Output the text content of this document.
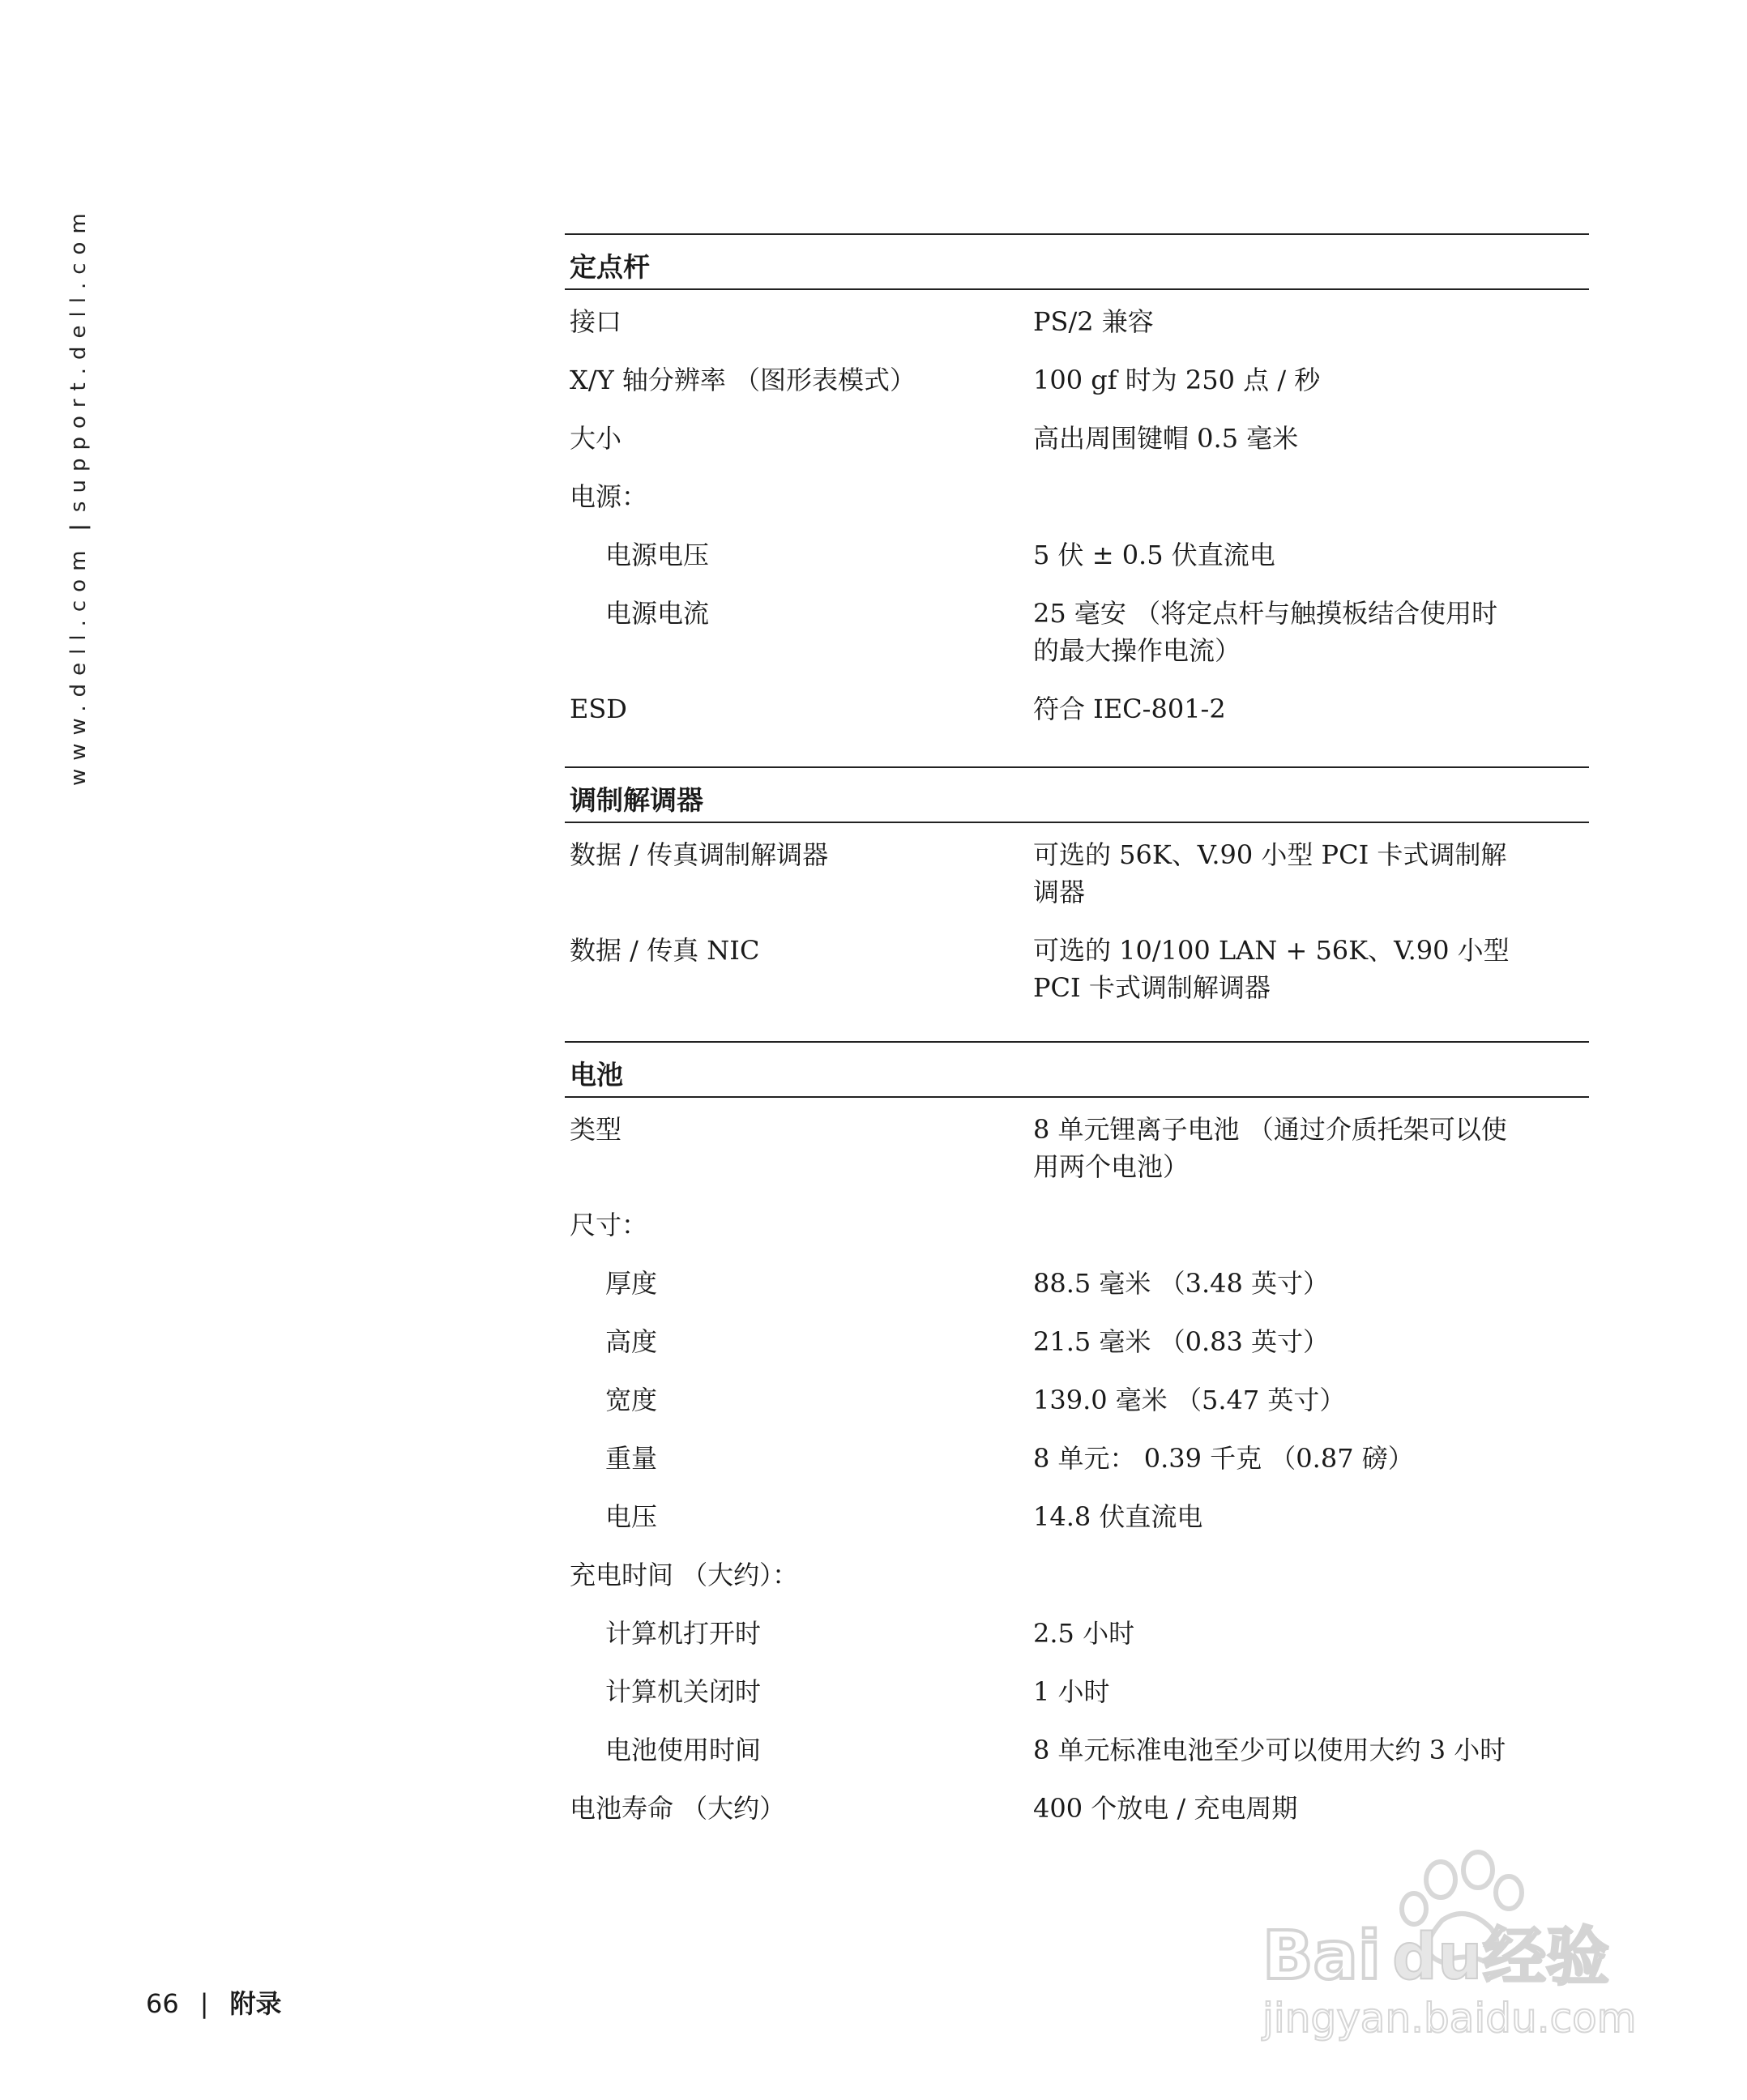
www.dell.com|support.dell.com	定点杆
接口	PS/2 兼容
X/Y 轴分辨率 （图形表模式）	100 gf 时为 250 点 / 秒
大小	高出周围键帽 0.5 毫米
电源：
电源电压	5 伏 ± 0.5 伏直流电
电源电流	25 毫安 （将定点杆与触摸板结合使用时
的最大操作电流）
ESD	符合 IEC-801-2
调制解调器
数据 / 传真调制解调器	可选的 56K、V.90 小型 PCI 卡式调制解
调器
数据 / 传真 NIC	可选的 10/100 LAN + 56K、V.90 小型
PCI 卡式调制解调器
电池
类型	8 单元锂离子电池 （通过介质托架可以使
用两个电池）
尺寸：
厚度	88.5 毫米 （3.48 英寸）
高度	21.5 毫米 （0.83 英寸）
宽度	139.0 毫米 （5.47 英寸）
重量	8 单元： 0.39 千克 （0.87 磅）
电压	14.8 伏直流电
充电时间 （大约）：
计算机打开时	2.5 小时
计算机关闭时	1 小时
电池使用时间	8 单元标准电池至少可以使用大约 3 小时
电池寿命 （大约）	400 个放电 / 充电周期
66 | 附录
Bai du 经验
jingyan.baidu.com
